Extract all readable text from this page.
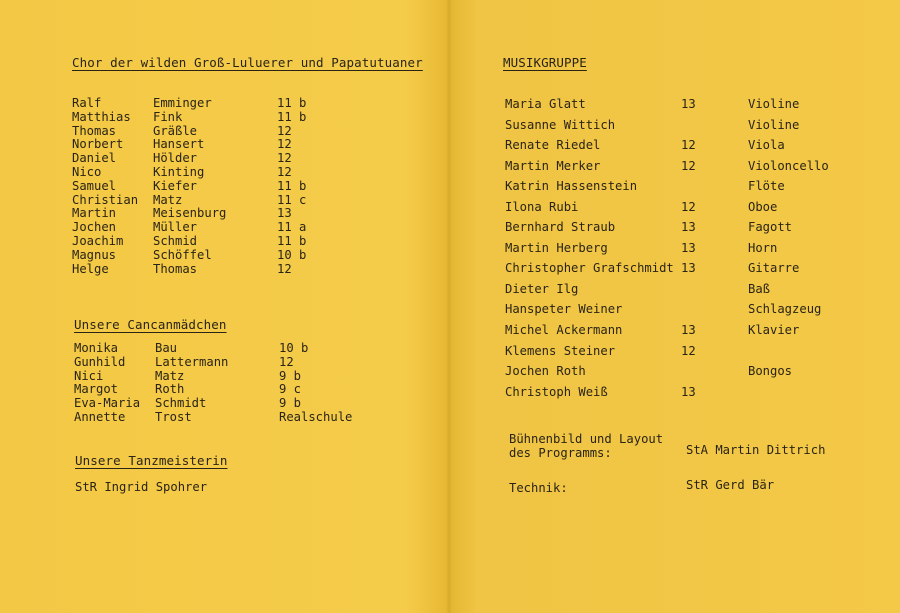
Chor der wilden Groß-Luluerer und Papatutuaner
Ralf	Emminger	11 b
Matthias Fink	11 b
Thomas	Gräßle	12
Norbert Hansert	12
Daniel	Hölder	12
Nico	Kinting	12
Samuel	Kiefer	11 b
Christian Matz	11 c
Martin	Meisenburg	13
Jochen	Müller	11 a
Joachim Schmid	11 b
Magnus	Schöffel	10 b
Helge	Thomas	12
Unsere Cancanmädchen
Monika	Bau	10 b
Gunhild Lattermann	12
Nici	Matz	9 b
Margot	Roth	9 c
Eva-Maria Schmidt	9 b
Annette Trost	Realschule
Unsere Tanzmeisterin
StR Ingrid Spohrer
MUSIKGRUPPE
Maria Glatt	13	Violine
Susanne Wittich	Violine
Renate Riedel	12	Viola
Martin Merker	12	Violoncello
Katrin Hassenstein	Flöte
Ilona Rubi	12	Oboe
Bernhard Straub	13	Fagott
Martin Herberg	13	Horn
Christopher Grafschmidt 13	Gitarre
Dieter Ilg	Baß
Hanspeter Weiner	Schlagzeug
Michel Ackermann	13	Klavier
Klemens Steiner	12
Jochen Roth	Bongos
Christoph Weiß	13
Bühnenbild und Layout
des Programms:	StA Martin Dittrich
Technik:	StR Gerd Bär
